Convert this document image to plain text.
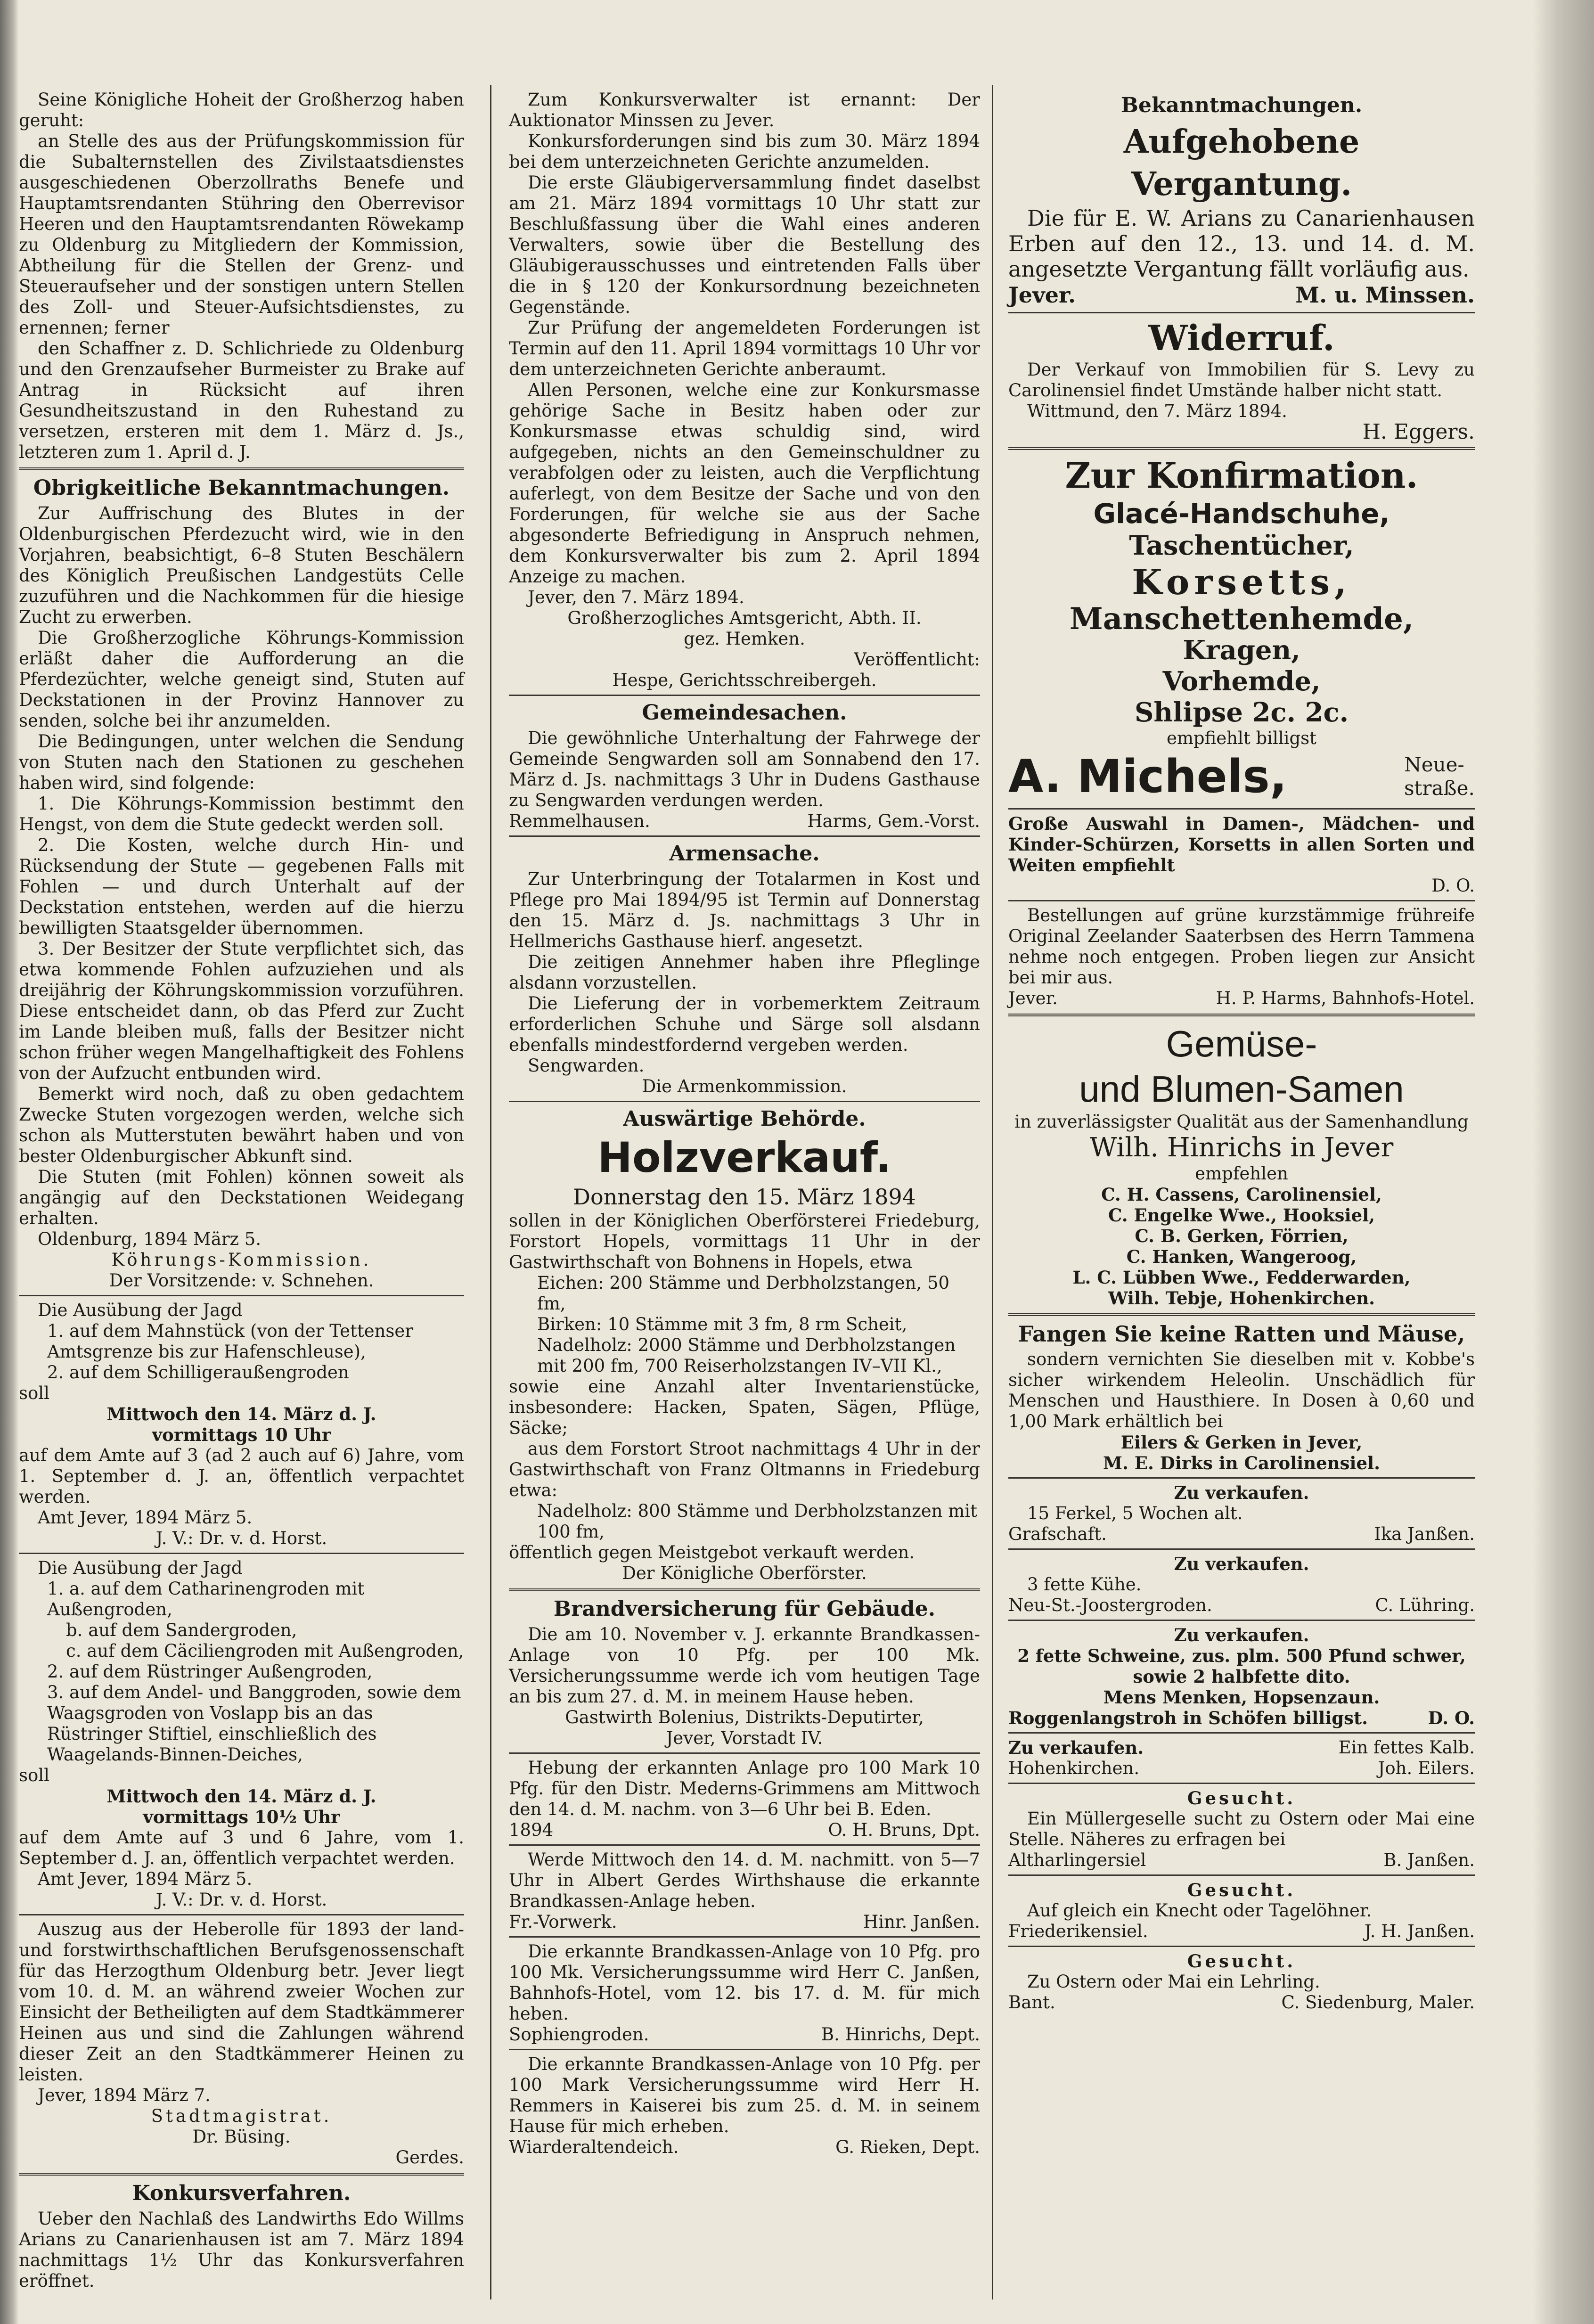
Seine Königliche Hoheit der Großherzog haben geruht:

an Stelle des aus der Prüfungskommission für die Subalternstellen des Zivilstaatsdienstes ausgeschiedenen Oberzollraths Benefe und Hauptamtsrendanten Stühring den Oberrevisor Heeren und den Hauptamtsrendanten Röwekamp zu Oldenburg zu Mitgliedern der Kommission, Abtheilung für die Stellen der Grenz- und Steueraufseher und der sonstigen untern Stellen des Zoll- und Steuer-Aufsichtsdienstes, zu ernennen; ferner

den Schaffner z. D. Schlichriede zu Oldenburg und den Grenzaufseher Burmeister zu Brake auf Antrag in Rücksicht auf ihren Gesundheitszustand in den Ruhestand zu versetzen, ersteren mit dem 1. März d. Js., letzteren zum 1. April d. J.

Obrigkeitliche Bekanntmachungen.

Zur Auffrischung des Blutes in der Oldenburgischen Pferdezucht wird, wie in den Vorjahren, beabsichtigt, 6–8 Stuten Beschälern des Königlich Preußischen Landgestüts Celle zuzuführen und die Nachkommen für die hiesige Zucht zu erwerben.

Die Großherzogliche Köhrungs-Kommission erläßt daher die Aufforderung an die Pferdezüchter, welche geneigt sind, Stuten auf Deckstationen in der Provinz Hannover zu senden, solche bei ihr anzumelden.

Die Bedingungen, unter welchen die Sendung von Stuten nach den Stationen zu geschehen haben wird, sind folgende:

1. Die Köhrungs-Kommission bestimmt den Hengst, von dem die Stute gedeckt werden soll.

2. Die Kosten, welche durch Hin- und Rücksendung der Stute — gegebenen Falls mit Fohlen — und durch Unterhalt auf der Deckstation entstehen, werden auf die hierzu bewilligten Staatsgelder übernommen.

3. Der Besitzer der Stute verpflichtet sich, das etwa kommende Fohlen aufzuziehen und als dreijährig der Köhrungskommission vorzuführen. Diese entscheidet dann, ob das Pferd zur Zucht im Lande bleiben muß, falls der Besitzer nicht schon früher wegen Mangelhaftigkeit des Fohlens von der Aufzucht entbunden wird.

Bemerkt wird noch, daß zu oben gedachtem Zwecke Stuten vorgezogen werden, welche sich schon als Mutterstuten bewährt haben und von bester Oldenburgischer Abkunft sind.

Die Stuten (mit Fohlen) können soweit als angängig auf den Deckstationen Weidegang erhalten.

Oldenburg, 1894 März 5.

Köhrungs-Kommission.

Der Vorsitzende: v. Schnehen.

Die Ausübung der Jagd

1. auf dem Mahnstück (von der Tettenser Amtsgrenze bis zur Hafenschleuse),

2. auf dem Schilligeraußengroden

soll

Mittwoch den 14. März d. J.

vormittags 10 Uhr

auf dem Amte auf 3 (ad 2 auch auf 6) Jahre, vom 1. September d. J. an, öffentlich verpachtet werden.

Amt Jever, 1894 März 5.

J. V.: Dr. v. d. Horst.

Die Ausübung der Jagd

1. a. auf dem Catharinengroden mit Außengroden,

b. auf dem Sandergroden,

c. auf dem Cäciliengroden mit Außengroden,

2. auf dem Rüstringer Außengroden,

3. auf dem Andel- und Banggroden, sowie dem Waagsgroden von Voslapp bis an das Rüstringer Stiftiel, einschließlich des Waagelands-Binnen-Deiches,

soll

Mittwoch den 14. März d. J.

vormittags 10½ Uhr

auf dem Amte auf 3 und 6 Jahre, vom 1. September d. J. an, öffentlich verpachtet werden.

Amt Jever, 1894 März 5.

J. V.: Dr. v. d. Horst.

Auszug aus der Heberolle für 1893 der land- und forstwirthschaftlichen Berufsgenossenschaft für das Herzogthum Oldenburg betr. Jever liegt vom 10. d. M. an während zweier Wochen zur Einsicht der Betheiligten auf dem Stadtkämmerer Heinen aus und sind die Zahlungen während dieser Zeit an den Stadtkämmerer Heinen zu leisten.

Jever, 1894 März 7.

Stadtmagistrat.

Dr. Büsing.

Gerdes.

Konkursverfahren.

Ueber den Nachlaß des Landwirths Edo Willms Arians zu Canarienhausen ist am 7. März 1894 nachmittags 1½ Uhr das Konkursverfahren eröffnet.

Zum Konkursverwalter ist ernannt: Der Auktionator Minssen zu Jever.

Konkursforderungen sind bis zum 30. März 1894 bei dem unterzeichneten Gerichte anzumelden.

Die erste Gläubigerversammlung findet daselbst am 21. März 1894 vormittags 10 Uhr statt zur Beschlußfassung über die Wahl eines anderen Verwalters, sowie über die Bestellung des Gläubigerausschusses und eintretenden Falls über die in § 120 der Konkursordnung bezeichneten Gegenstände.

Zur Prüfung der angemeldeten Forderungen ist Termin auf den 11. April 1894 vormittags 10 Uhr vor dem unterzeichneten Gerichte anberaumt.

Allen Personen, welche eine zur Konkursmasse gehörige Sache in Besitz haben oder zur Konkursmasse etwas schuldig sind, wird aufgegeben, nichts an den Gemeinschuldner zu verabfolgen oder zu leisten, auch die Verpflichtung auferlegt, von dem Besitze der Sache und von den Forderungen, für welche sie aus der Sache abgesonderte Befriedigung in Anspruch nehmen, dem Konkursverwalter bis zum 2. April 1894 Anzeige zu machen.

Jever, den 7. März 1894.

Großherzogliches Amtsgericht, Abth. II.

gez. Hemken.

Veröffentlicht:

Hespe, Gerichtsschreibergeh.

Gemeindesachen.

Die gewöhnliche Unterhaltung der Fahrwege der Gemeinde Sengwarden soll am Sonnabend den 17. März d. Js. nachmittags 3 Uhr in Dudens Gasthause zu Sengwarden verdungen werden.

Remmelhausen.	Harms, Gem.-Vorst.

Armensache.

Zur Unterbringung der Totalarmen in Kost und Pflege pro Mai 1894/95 ist Termin auf Donnerstag den 15. März d. Js. nachmittags 3 Uhr in Hellmerichs Gasthause hierf. angesetzt.

Die zeitigen Annehmer haben ihre Pfleglinge alsdann vorzustellen.

Die Lieferung der in vorbemerktem Zeitraum erforderlichen Schuhe und Särge soll alsdann ebenfalls mindestfordernd vergeben werden.

Sengwarden.

Die Armenkommission.

Auswärtige Behörde.

Holzverkauf.

Donnerstag den 15. März 1894

sollen in der Königlichen Oberförsterei Friedeburg, Forstort Hopels, vormittags 11 Uhr in der Gastwirthschaft von Bohnens in Hopels, etwa

Eichen: 200 Stämme und Derbholzstangen, 50 fm,

Birken: 10 Stämme mit 3 fm, 8 rm Scheit,

Nadelholz: 2000 Stämme und Derbholzstangen mit 200 fm, 700 Reiserholzstangen IV–VII Kl.,

sowie eine Anzahl alter Inventarienstücke, insbesondere: Hacken, Spaten, Sägen, Pflüge, Säcke;

aus dem Forstort Stroot nachmittags 4 Uhr in der Gastwirthschaft von Franz Oltmanns in Friedeburg etwa:

Nadelholz: 800 Stämme und Derbholzstanzen mit 100 fm,

öffentlich gegen Meistgebot verkauft werden.

Der Königliche Oberförster.

Brandversicherung für Gebäude.

Die am 10. November v. J. erkannte Brandkassen-Anlage von 10 Pfg. per 100 Mk. Versicherungssumme werde ich vom heutigen Tage an bis zum 27. d. M. in meinem Hause heben.

Gastwirth Bolenius, Distrikts-Deputirter,

Jever, Vorstadt IV.

Hebung der erkannten Anlage pro 100 Mark 10 Pfg. für den Distr. Mederns-Grimmens am Mittwoch den 14. d. M. nachm. von 3—6 Uhr bei B. Eden.

1894	O. H. Bruns, Dpt.

Werde Mittwoch den 14. d. M. nachmitt. von 5—7 Uhr in Albert Gerdes Wirthshause die erkannte Brandkassen-Anlage heben.

Fr.-Vorwerk.	Hinr. Janßen.

Die erkannte Brandkassen-Anlage von 10 Pfg. pro 100 Mk. Versicherungssumme wird Herr C. Janßen, Bahnhofs-Hotel, vom 12. bis 17. d. M. für mich heben.

Sophiengroden.	B. Hinrichs, Dept.

Die erkannte Brandkassen-Anlage von 10 Pfg. per 100 Mark Versicherungssumme wird Herr H. Remmers in Kaiserei bis zum 25. d. M. in seinem Hause für mich erheben.

Wiarderaltendeich.	G. Rieken, Dept.

Bekanntmachungen.

Aufgehobene Vergantung.

Die für E. W. Arians zu Canarienhausen Erben auf den 12., 13. und 14. d. M. angesetzte Vergantung fällt vorläufig aus.

Jever.	M. u. Minssen.

Widerruf.

Der Verkauf von Immobilien für S. Levy zu Carolinensiel findet Umstände halber nicht statt.

Wittmund, den 7. März 1894.

H. Eggers.

Zur Konfirmation.

Glacé-Handschuhe,

Taschentücher,

Korsetts,

Manschettenhemde,

Kragen,

Vorhemde,

Shlipse 2c. 2c.

empfiehlt billigst

A. Michels,	Neue-straße.

Große Auswahl in Damen-, Mädchen- und Kinder-Schürzen, Korsetts in allen Sorten und Weiten empfiehlt

D. O.

Bestellungen auf grüne kurzstämmige frühreife Original Zeelander Saaterbsen des Herrn Tammena nehme noch entgegen. Proben liegen zur Ansicht bei mir aus.

Jever.	H. P. Harms, Bahnhofs-Hotel.

Gemüse-

und Blumen-Samen

in zuverlässigster Qualität aus der Samenhandlung

Wilh. Hinrichs in Jever

empfehlen

C. H. Cassens, Carolinensiel,

C. Engelke Wwe., Hooksiel,

C. B. Gerken, Förrien,

C. Hanken, Wangeroog,

L. C. Lübben Wwe., Fedderwarden,

Wilh. Tebje, Hohenkirchen.

Fangen Sie keine Ratten und Mäuse,

sondern vernichten Sie dieselben mit v. Kobbe's sicher wirkendem Heleolin. Unschädlich für Menschen und Hausthiere. In Dosen à 0,60 und 1,00 Mark erhältlich bei

Eilers & Gerken in Jever,

M. E. Dirks in Carolinensiel.

Zu verkaufen.

15 Ferkel, 5 Wochen alt.

Grafschaft.	Ika Janßen.

Zu verkaufen.

3 fette Kühe.

Neu-St.-Joostergroden.	C. Lühring.

Zu verkaufen.

2 fette Schweine, zus. plm. 500 Pfund schwer, sowie 2 halbfette dito.

Mens Menken, Hopsenzaun.

Roggenlangstroh in Schöfen billigst.	D. O.
Zu verkaufen.	Ein fettes Kalb.
Hohenkirchen.	Joh. Eilers.

Gesucht.

Ein Müllergeselle sucht zu Ostern oder Mai eine Stelle. Näheres zu erfragen bei

Altharlingersiel	B. Janßen.

Gesucht.

Auf gleich ein Knecht oder Tagelöhner.

Friederikensiel.	J. H. Janßen.

Gesucht.

Zu Ostern oder Mai ein Lehrling.

Bant.	C. Siedenburg, Maler.
